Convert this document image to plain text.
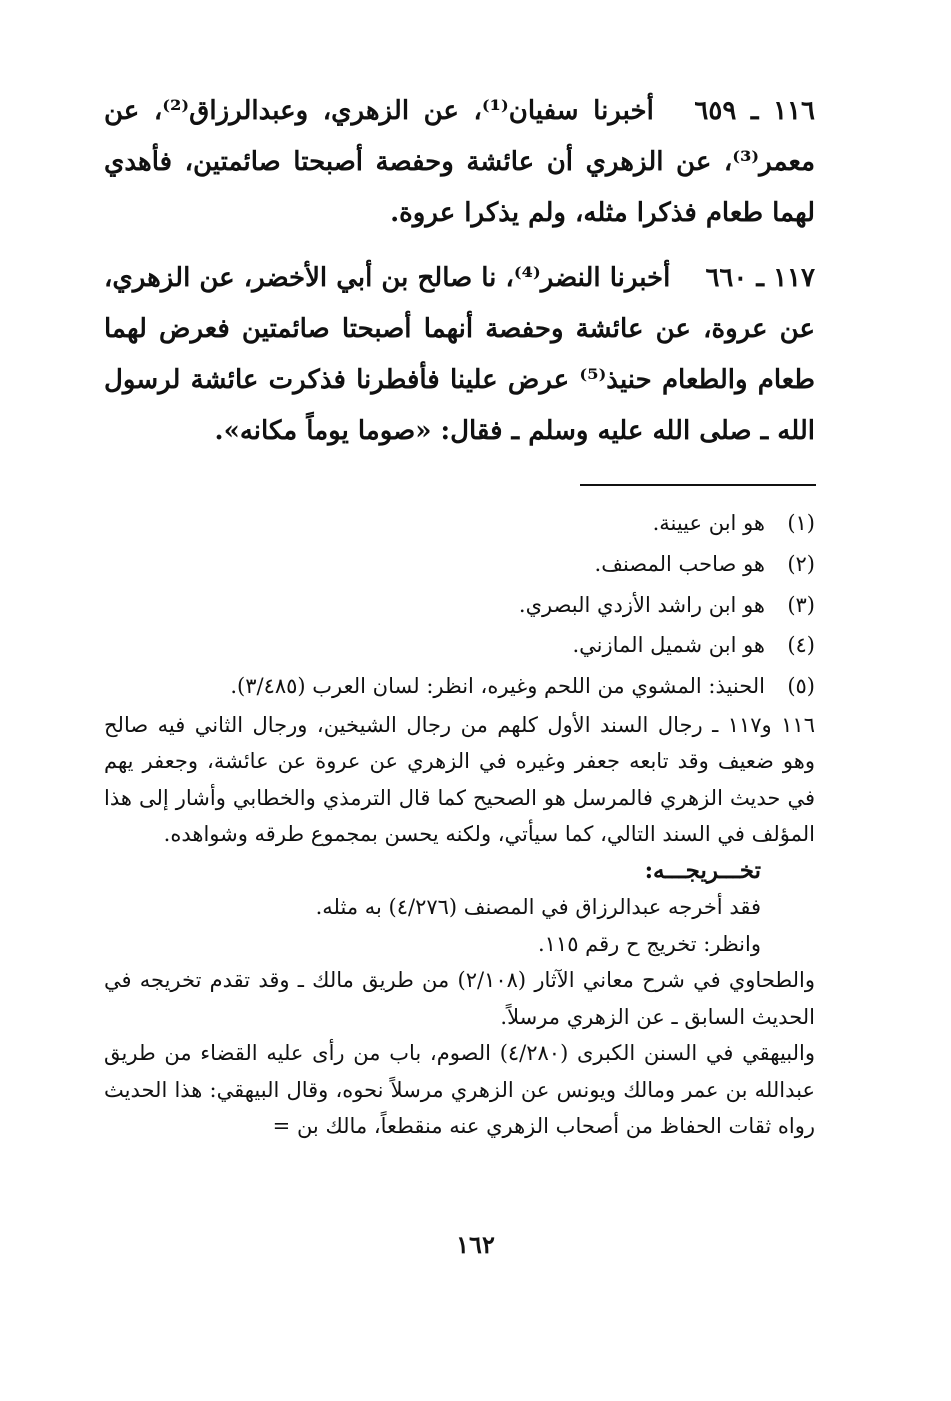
١١٦ ـ ٦٥٩ أخبرنا سفيان⁽¹⁾، عن الزهري، وعبدالرزاق⁽²⁾، عن معمر⁽³⁾، عن الزهري أن عائشة وحفصة أصبحتا صائمتين، فأهدي لهما طعام فذكرا مثله، ولم يذكرا عروة.

١١٧ ـ ٦٦٠ أخبرنا النضر⁽⁴⁾، نا صالح بن أبي الأخضر، عن الزهري، عن عروة، عن عائشة وحفصة أنهما أصبحتا صائمتين فعرض لهما طعام والطعام حنيذ⁽⁵⁾ عرض علينا فأفطرنا فذكرت عائشة لرسول الله ـ صلى الله عليه وسلم ـ فقال: «صوما يوماً مكانه».

(١)هو ابن عيينة.
(٢)هو صاحب المصنف.
(٣)هو ابن راشد الأزدي البصري.
(٤)هو ابن شميل المازني.
(٥)الحنيذ: المشوي من اللحم وغيره، انظر: لسان العرب (٣/٤٨٥).
١١٦ و١١٧ ـ رجال السند الأول كلهم من رجال الشيخين، ورجال الثاني فيه صالح وهو ضعيف وقد تابعه جعفر وغيره في الزهري عن عروة عن عائشة، وجعفر يهم في حديث الزهري فالمرسل هو الصحيح كما قال الترمذي والخطابي وأشار إلى هذا المؤلف في السند التالي، كما سيأتي، ولكنه يحسن بمجموع طرقه وشواهده.
تخـــريجـــه:
فقد أخرجه عبدالرزاق في المصنف (٤/٢٧٦) به مثله.
وانظر: تخريج ح رقم ١١٥.
والطحاوي في شرح معاني الآثار (٢/١٠٨) من طريق مالك ـ وقد تقدم تخريجه في الحديث السابق ـ عن الزهري مرسلاً.
والبيهقي في السنن الكبرى (٤/٢٨٠) الصوم، باب من رأى عليه القضاء من طريق عبدالله بن عمر ومالك ويونس عن الزهري مرسلاً نحوه، وقال البيهقي: هذا الحديث رواه ثقات الحفاظ من أصحاب الزهري عنه منقطعاً، مالك بن =
١٦٢
